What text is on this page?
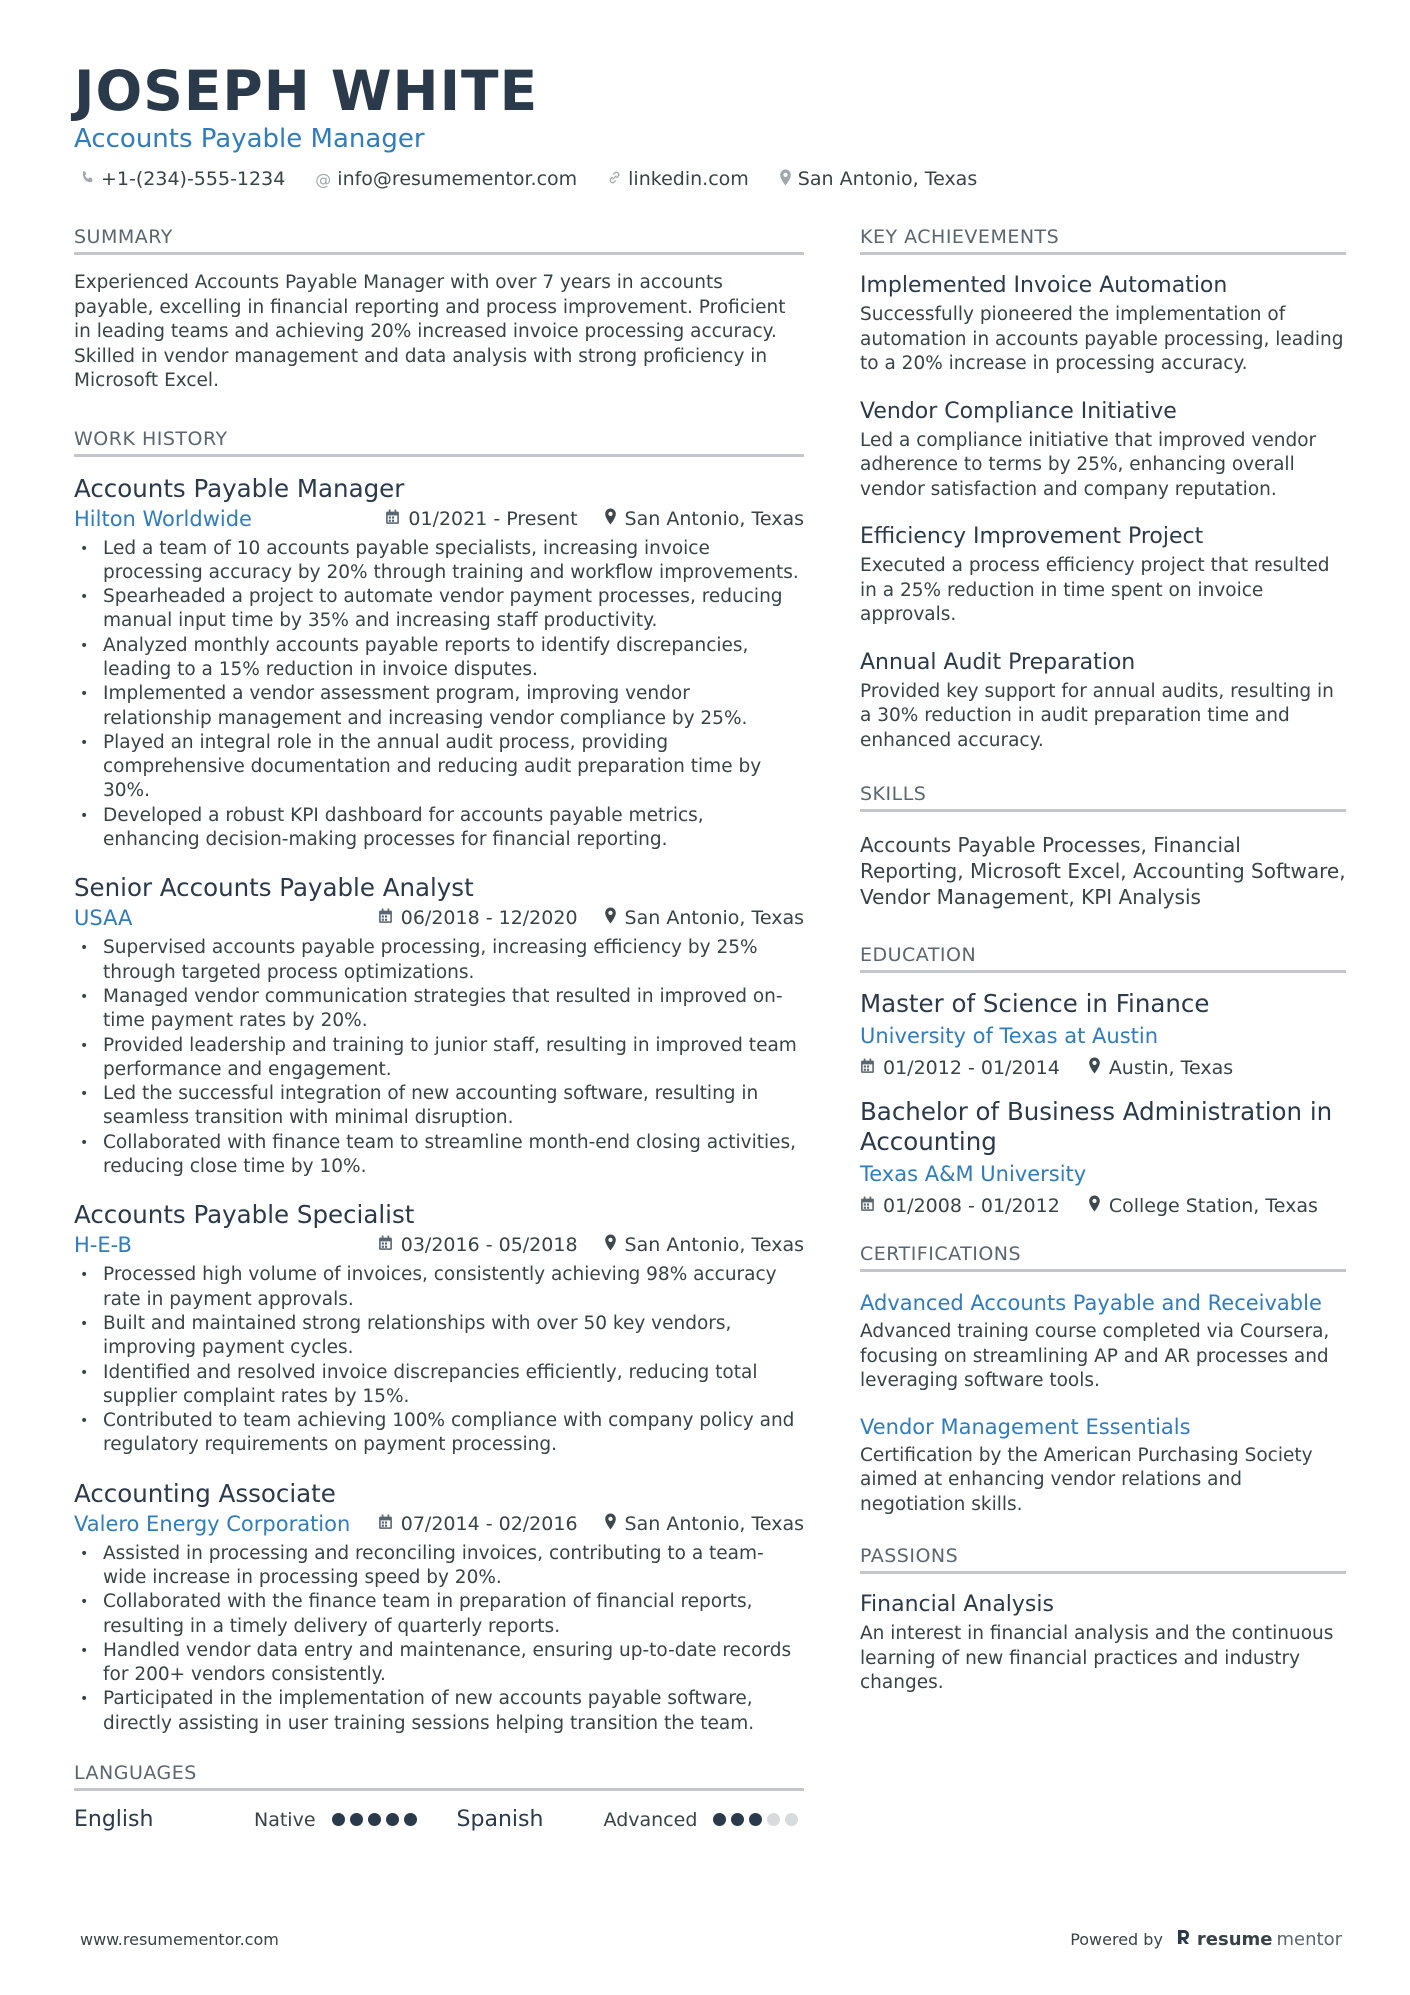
JOSEPH WHITE
Accounts Payable Manager
+1-(234)-555-1234 @ info@resumementor.com	linkedin.com	San Antonio, Texas
SUMMARY
Experienced Accounts Payable Manager with over 7 years in accounts payable, excelling in financial reporting and process improvement. Proficient in leading teams and achieving 20% increased invoice processing accuracy. Skilled in vendor management and data analysis with strong proficiency in Microsoft Excel.
WORK HISTORY
Accounts Payable Manager
Hilton Worldwide	01/2021 - Present San Antonio, Texas
• Led a team of 10 accounts payable specialists, increasing invoice processing accuracy by 20% through training and workflow improvements.
• Spearheaded a project to automate vendor payment processes, reducing manual input time by 35% and increasing staff productivity.
• Analyzed monthly accounts payable reports to identify discrepancies, leading to a 15% reduction in invoice disputes.
• Implemented a vendor assessment program, improving vendor relationship management and increasing vendor compliance by 25%.
• Played an integral role in the annual audit process, providing comprehensive documentation and reducing audit preparation time by 30%.
• Developed a robust KPI dashboard for accounts payable metrics, enhancing decision-making processes for financial reporting.
Senior Accounts Payable Analyst
USAA	06/2018 - 12/2020 San Antonio, Texas
• Supervised accounts payable processing, increasing efficiency by 25% through targeted process optimizations.
• Managed vendor communication strategies that resulted in improved on-time payment rates by 20%.
• Provided leadership and training to junior staff, resulting in improved team performance and engagement.
• Led the successful integration of new accounting software, resulting in seamless transition with minimal disruption.
• Collaborated with finance team to streamline month-end closing activities, reducing close time by 10%.
Accounts Payable Specialist
H-E-B	03/2016 - 05/2018 San Antonio, Texas
• Processed high volume of invoices, consistently achieving 98% accuracy rate in payment approvals.
• Built and maintained strong relationships with over 50 key vendors, improving payment cycles.
• Identified and resolved invoice discrepancies efficiently, reducing total supplier complaint rates by 15%.
• Contributed to team achieving 100% compliance with company policy and regulatory requirements on payment processing.
Accounting Associate
Valero Energy Corporation	07/2014 - 02/2016 San Antonio, Texas
• Assisted in processing and reconciling invoices, contributing to a team-wide increase in processing speed by 20%.
• Collaborated with the finance team in preparation of financial reports, resulting in a timely delivery of quarterly reports.
• Handled vendor data entry and maintenance, ensuring up-to-date records for 200+ vendors consistently.
• Participated in the implementation of new accounts payable software, directly assisting in user training sessions helping transition the team.
LANGUAGES
English	Native	Spanish	Advanced
KEY ACHIEVEMENTS
Implemented Invoice Automation
Successfully pioneered the implementation of automation in accounts payable processing, leading to a 20% increase in processing accuracy.
Vendor Compliance Initiative
Led a compliance initiative that improved vendor adherence to terms by 25%, enhancing overall vendor satisfaction and company reputation.
Efficiency Improvement Project
Executed a process efficiency project that resulted in a 25% reduction in time spent on invoice approvals.
Annual Audit Preparation
Provided key support for annual audits, resulting in a 30% reduction in audit preparation time and enhanced accuracy.
SKILLS
Accounts Payable Processes, Financial Reporting, Microsoft Excel, Accounting Software, Vendor Management, KPI Analysis
EDUCATION
Master of Science in Finance
University of Texas at Austin
01/2012 - 01/2014	Austin, Texas
Bachelor of Business Administration in Accounting
Texas A&M University
01/2008 - 01/2012	College Station, Texas
CERTIFICATIONS
Advanced Accounts Payable and Receivable
Advanced training course completed via Coursera, focusing on streamlining AP and AR processes and leveraging software tools.
Vendor Management Essentials
Certification by the American Purchasing Society aimed at enhancing vendor relations and negotiation skills.
PASSIONS
Financial Analysis
An interest in financial analysis and the continuous learning of new financial practices and industry changes.
www.resumementor.com	Powered by resume mentor
